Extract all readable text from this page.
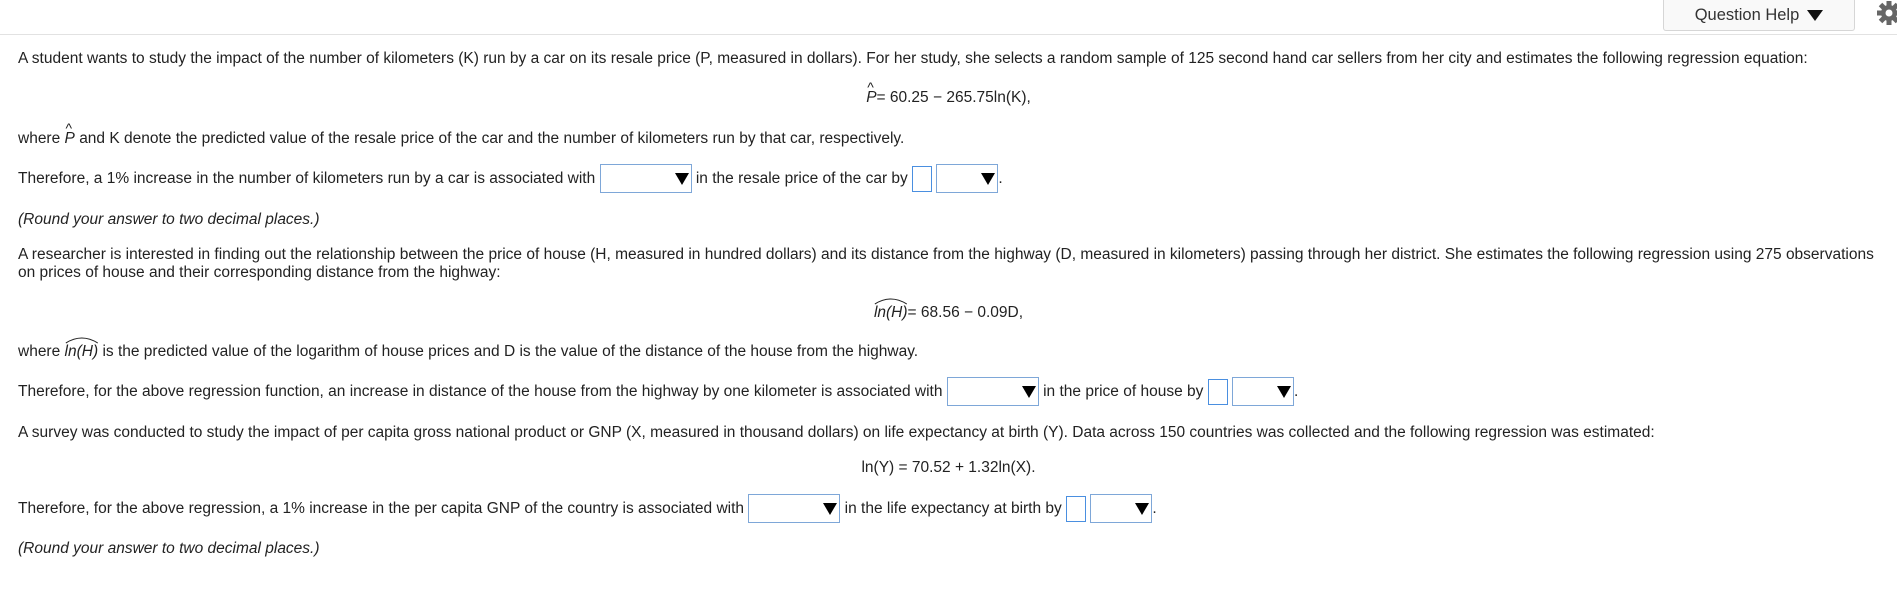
Question Help
A student wants to study the impact of the number of kilometers (K) run by a car on its resale price (P, measured in dollars). For her study, she selects a random sample of 125 second hand car sellers from her city and estimates the following regression equation:
^ P= 60.25 − 265.75ln(K),
where ^ P and K denote the predicted value of the resale price of the car and the number of kilometers run by that car, respectively.
Therefore, a 1% increase in the number of kilometers run by a car is associated with	in the resale price of the car by	.
(Round your answer to two decimal places.)
A researcher is interested in finding out the relationship between the price of house (H, measured in hundred dollars) and its distance from the highway (D, measured in kilometers) passing through her district. She estimates the following regression using 275 observations
on prices of house and their corresponding distance from the highway:
ln(H)= 68.56 − 0.09D,
where ln(H) is the predicted value of the logarithm of house prices and D is the value of the distance of the house from the highway.
Therefore, for the above regression function, an increase in distance of the house from the highway by one kilometer is associated with	in the price of house by	.
A survey was conducted to study the impact of per capita gross national product or GNP (X, measured in thousand dollars) on life expectancy at birth (Y). Data across 150 countries was collected and the following regression was estimated:
ln(Y) = 70.52 + 1.32ln(X).
Therefore, for the above regression, a 1% increase in the per capita GNP of the country is associated with	in the life expectancy at birth by	.
(Round your answer to two decimal places.)
